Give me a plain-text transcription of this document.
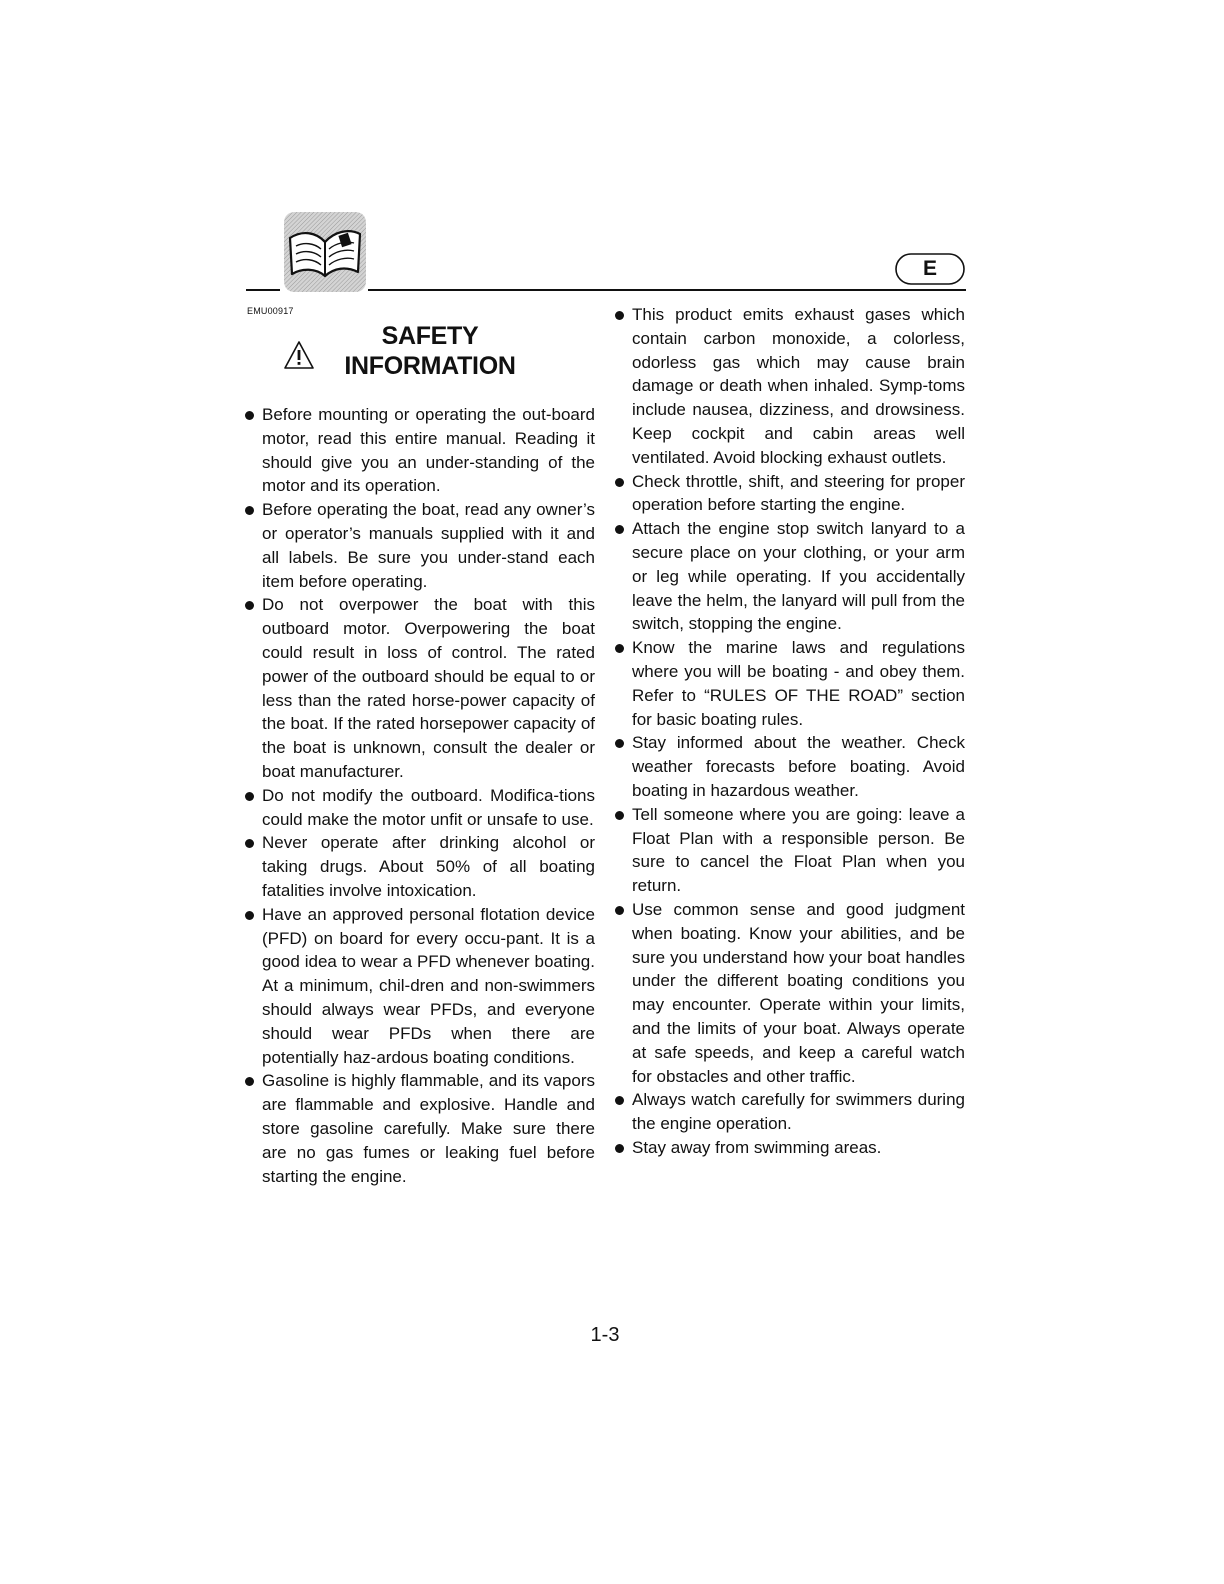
E
EMU00917
SAFETY
INFORMATION
Before mounting or operating the out-board motor, read this entire manual. Reading it should give you an under-standing of the motor and its operation.
Before operating the boat, read any owner’s or operator’s manuals supplied with it and all labels. Be sure you under-stand each item before operating.
Do not overpower the boat with this outboard motor. Overpowering the boat could result in loss of control. The rated power of the outboard should be equal to or less than the rated horse-power capacity of the boat. If the rated horsepower capacity of the boat is unknown, consult the dealer or boat manufacturer.
Do not modify the outboard. Modifica-tions could make the motor unfit or unsafe to use.
Never operate after drinking alcohol or taking drugs. About 50% of all boating fatalities involve intoxication.
Have an approved personal flotation device (PFD) on board for every occu-pant. It is a good idea to wear a PFD whenever boating. At a minimum, chil-dren and non-swimmers should always wear PFDs, and everyone should wear PFDs when there are potentially haz-ardous boating conditions.
Gasoline is highly flammable, and its vapors are flammable and explosive. Handle and store gasoline carefully. Make sure there are no gas fumes or leaking fuel before starting the engine.
This product emits exhaust gases which contain carbon monoxide, a colorless, odorless gas which may cause brain damage or death when inhaled. Symp-toms include nausea, dizziness, and drowsiness. Keep cockpit and cabin areas well ventilated. Avoid blocking exhaust outlets.
Check throttle, shift, and steering for proper operation before starting the engine.
Attach the engine stop switch lanyard to a secure place on your clothing, or your arm or leg while operating. If you accidentally leave the helm, the lanyard will pull from the switch, stopping the engine.
Know the marine laws and regulations where you will be boating - and obey them. Refer to “RULES OF THE ROAD” section for basic boating rules.
Stay informed about the weather. Check weather forecasts before boating. Avoid boating in hazardous weather.
Tell someone where you are going: leave a Float Plan with a responsible person. Be sure to cancel the Float Plan when you return.
Use common sense and good judgment when boating. Know your abilities, and be sure you understand how your boat handles under the different boating conditions you may encounter. Operate within your limits, and the limits of your boat. Always operate at safe speeds, and keep a careful watch for obstacles and other traffic.
Always watch carefully for swimmers during the engine operation.
Stay away from swimming areas.
1-3
